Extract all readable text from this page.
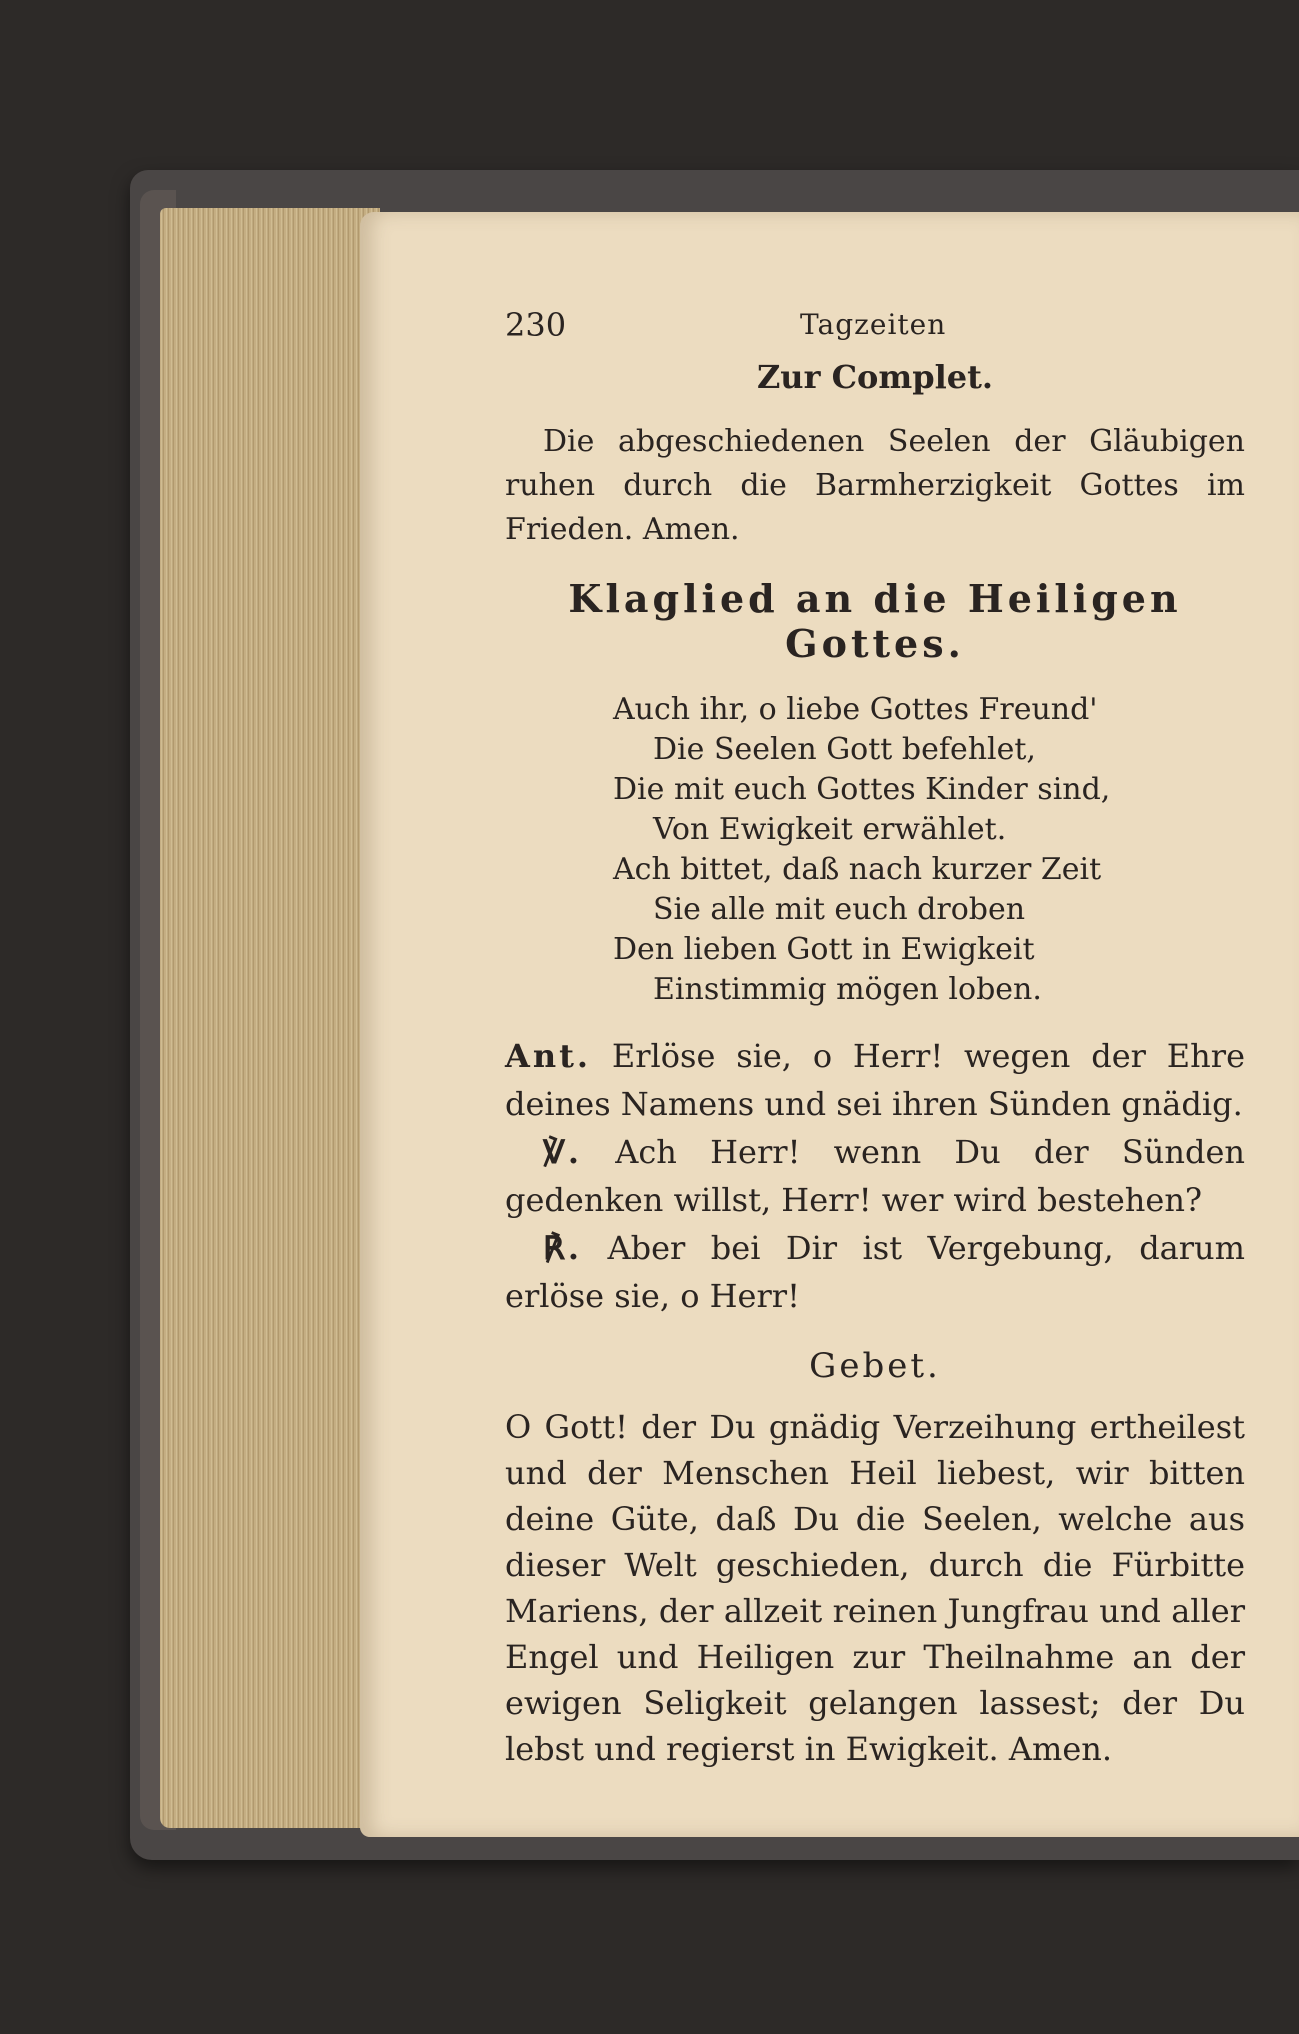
230	Tagzeiten
Zur Complet.

Die abgeschiedenen Seelen der Gläubigen ruhen durch die Barmherzigkeit Gottes im Frieden. Amen.

Klaglied an die Heiligen Gottes.
Auch ihr, o liebe Gottes Freund'
Die Seelen Gott befehlet,
Die mit euch Gottes Kinder sind,
Von Ewigkeit erwählet.
Ach bittet, daß nach kurzer Zeit
Sie alle mit euch droben
Den lieben Gott in Ewigkeit
Einstimmig mögen loben.

Ant. Erlöse sie, o Herr! wegen der Ehre deines Namens und sei ihren Sünden gnädig.

℣. Ach Herr! wenn Du der Sünden gedenken willst, Herr! wer wird bestehen?

℟. Aber bei Dir ist Vergebung, darum erlöse sie, o Herr!

Gebet.

O Gott! der Du gnädig Verzeihung ertheilest und der Menschen Heil liebest, wir bitten deine Güte, daß Du die Seelen, welche aus dieser Welt geschieden, durch die Fürbitte Mariens, der allzeit reinen Jungfrau und aller Engel und Heiligen zur Theilnahme an der ewigen Seligkeit gelangen lassest; der Du lebst und regierst in Ewigkeit. Amen.
